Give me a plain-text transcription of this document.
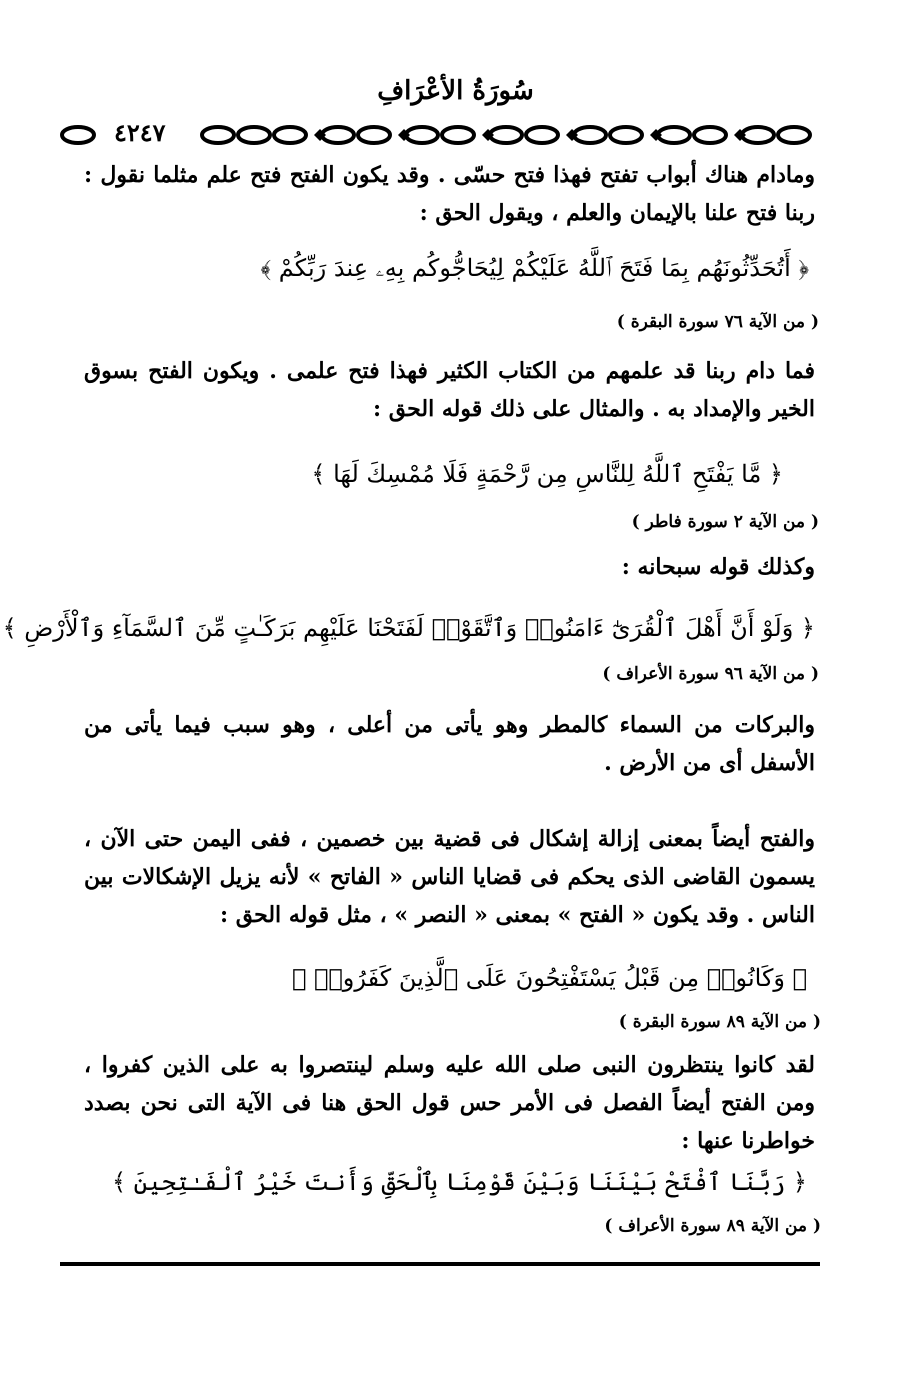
سُورَةُ الأعْرَافِ
٤٢٤٧
ومادام هناك أبواب تفتح فهذا فتح حسّى . وقد يكون الفتح فتح علم مثلما نقول : ربنا فتح علنا بالإيمان والعلم ، ويقول الحق :
﴿ أَتُحَدِّثُونَهُم بِمَا فَتَحَ ٱللَّهُ عَلَيْكُمْ لِيُحَاجُّوكُم بِهِۦ عِندَ رَبِّكُمْ ﴾
( من الآية ٧٦ سورة البقرة )
فما دام ربنا قد علمهم من الكتاب الكثير فهذا فتح علمى . ويكون الفتح بسوق الخير والإمداد به . والمثال على ذلك قوله الحق :
﴿ مَّا يَفْتَحِ ٱللَّهُ لِلنَّاسِ مِن رَّحْمَةٍ فَلَا مُمْسِكَ لَهَا ﴾
( من الآية ٢ سورة فاطر )
وكذلك قوله سبحانه :
﴿ وَلَوْ أَنَّ أَهْلَ ٱلْقُرَىٰٓ ءَامَنُوا۟ وَٱتَّقَوْا۟ لَفَتَحْنَا عَلَيْهِم بَرَكَـٰتٍ مِّنَ ٱلسَّمَآءِ وَٱلْأَرْضِ ﴾
( من الآية ٩٦ سورة الأعراف )
والبركات من السماء كالمطر وهو يأتى من أعلى ، وهو سبب فيما يأتى من الأسفل أى من الأرض .
والفتح أيضاً بمعنى إزالة إشكال فى قضية بين خصمين ، ففى اليمن حتى الآن ، يسمون القاضى الذى يحكم فى قضايا الناس « الفاتح » لأنه يزيل الإشكالات بين الناس . وقد يكون « الفتح » بمعنى « النصر » ، مثل قوله الحق :
﴿ وَكَانُوا۟ مِن قَبْلُ يَسْتَفْتِحُونَ عَلَى ٱلَّذِينَ كَفَرُوا۟ ﴾
( من الآية ٨٩ سورة البقرة )
لقد كانوا ينتظرون النبى صلى الله عليه وسلم لينتصروا به على الذين كفروا ، ومن الفتح أيضاً الفصل فى الأمر حس قول الحق هنا فى الآية التى نحن بصدد خواطرنا عنها :
﴿ رَبَّنَا ٱفْتَحْ بَيْنَنَا وَبَيْنَ قَوْمِنَا بِٱلْحَقِّ وَأَنتَ خَيْرُ ٱلْفَـٰتِحِينَ ﴾
( من الآية ٨٩ سورة الأعراف )
